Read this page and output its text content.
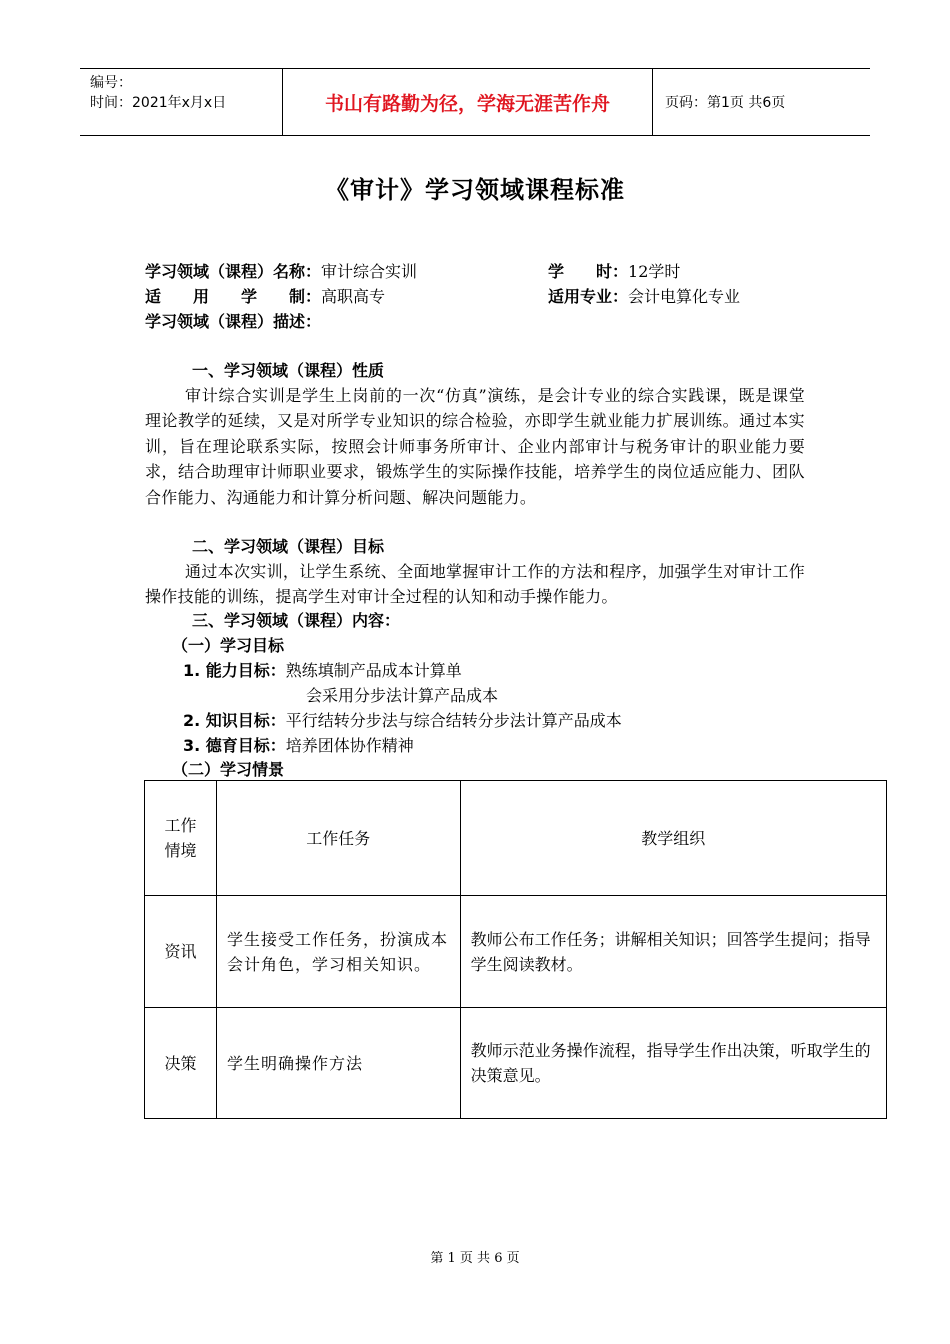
编号：
时间：2021年x月x日	书山有路勤为径，学海无涯苦作舟	页码：第1页 共6页
《审计》学习领域课程标准
学习领域（课程）名称：审计综合实训	学　　时：12学时
适　　用　　学　　制：高职高专	适用专业：会计电算化专业
学习领域（课程）描述：
一、学习领域（课程）性质
审计综合实训是学生上岗前的一次“仿真”演练，是会计专业的综合实践课，既是课堂理论教学的延续，又是对所学专业知识的综合检验，亦即学生就业能力扩展训练。通过本实训，旨在理论联系实际，按照会计师事务所审计、企业内部审计与税务审计的职业能力要求，结合助理审计师职业要求，锻炼学生的实际操作技能，培养学生的岗位适应能力、团队合作能力、沟通能力和计算分析问题、解决问题能力。
二、学习领域（课程）目标
通过本次实训，让学生系统、全面地掌握审计工作的方法和程序，加强学生对审计工作操作技能的训练，提高学生对审计全过程的认知和动手操作能力。
三、学习领域（课程）内容：
（一）学习目标
1. 能力目标：熟练填制产品成本计算单
会采用分步法计算产品成本
2. 知识目标：平行结转分步法与综合结转分步法计算产品成本
3. 德育目标：培养团体协作精神
（二）学习情景
工作情境	工作任务	教学组织
资讯	学生接受工作任务，扮演成本会计角色，学习相关知识。	教师公布工作任务；讲解相关知识；回答学生提问；指导学生阅读教材。
决策	学生明确操作方法	教师示范业务操作流程，指导学生作出决策，听取学生的决策意见。
第 1 页 共 6 页
